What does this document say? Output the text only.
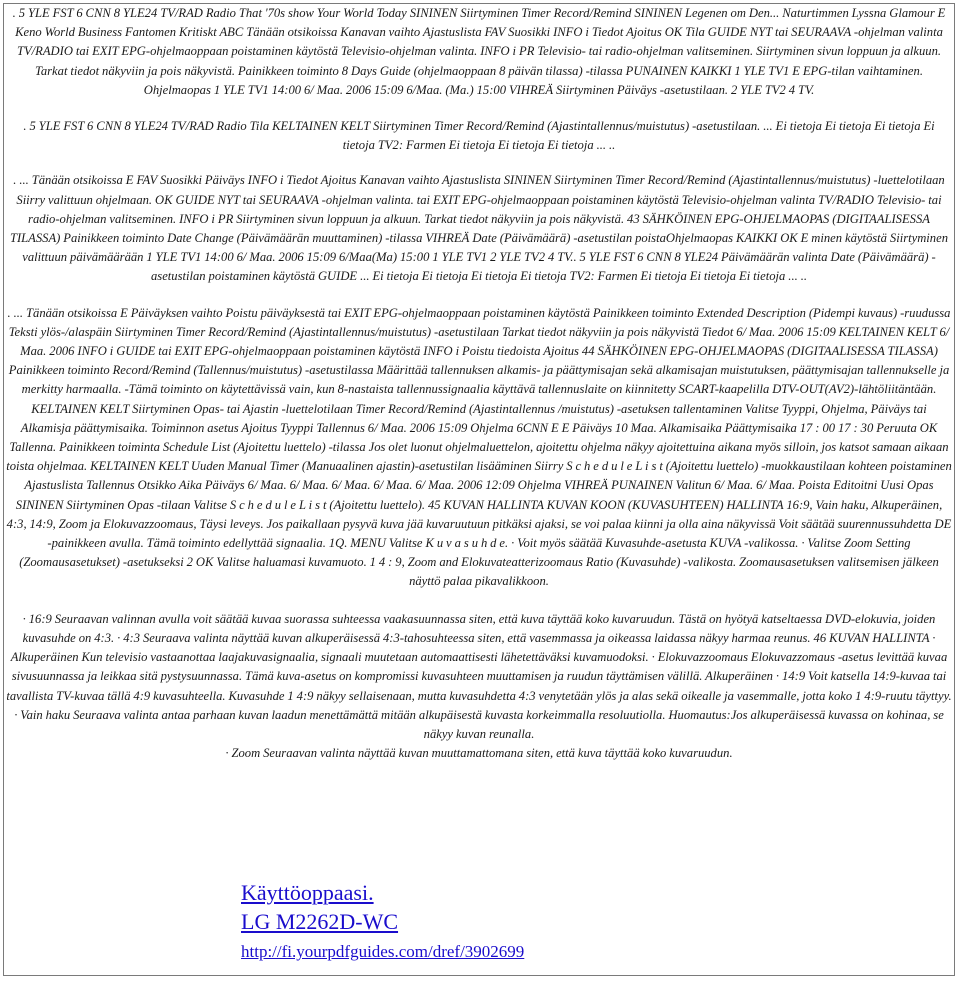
. 5 YLE FST 6 CNN 8 YLE24 TV/RAD Radio That '70s show Your World Today SININEN Siirtyminen Timer Record/Remind SININEN Legenen om Den... Naturtimmen Lyssna Glamour E Keno World Business Fantomen Kritiskt ABC Tänään otsikoissa Kanavan vaihto Ajastuslista FAV Suosikki INFO i Tiedot Ajoitus OK Tila GUIDE NYT tai SEURAAVA -ohjelman valinta TV/RADIO tai EXIT EPG-ohjelmaoppaan poistaminen käytöstä Televisio-ohjelman valinta. INFO i PR Televisio- tai radio-ohjelman valitseminen. Siirtyminen sivun loppuun ja alkuun. Tarkat tiedot näkyviin ja pois näkyvistä. Painikkeen toiminto 8 Days Guide (ohjelmaoppaan 8 päivän tilassa) -tilassa PUNAINEN KAIKKI 1 YLE TV1 E EPG-tilan vaihtaminen. Ohjelmaopas 1 YLE TV1 14:00 6/ Maa. 2006 15:09 6/Maa. (Ma.) 15:00 VIHREÄ Siirtyminen Päiväys -asetustilaan. 2 YLE TV2 4 TV.

. 5 YLE FST 6 CNN 8 YLE24 TV/RAD Radio Tila KELTAINEN KELT Siirtyminen Timer Record/Remind (Ajastintallennus/muistutus) -asetustilaan. ... Ei tietoja Ei tietoja Ei tietoja Ei tietoja TV2: Farmen Ei tietoja Ei tietoja Ei tietoja ... ..

. ... Tänään otsikoissa E FAV Suosikki Päiväys INFO i Tiedot Ajoitus Kanavan vaihto Ajastuslista SININEN Siirtyminen Timer Record/Remind (Ajastintallennus/muistutus) -luettelotilaan Siirry valittuun ohjelmaan. OK GUIDE NYT tai SEURAAVA -ohjelman valinta. tai EXIT EPG-ohjelmaoppaan poistaminen käytöstä Televisio-ohjelman valinta TV/RADIO Televisio- tai radio-ohjelman valitseminen. INFO i PR Siirtyminen sivun loppuun ja alkuun. Tarkat tiedot näkyviin ja pois näkyvistä. 43 SÄHKÖINEN EPG-OHJELMAOPAS (DIGITAALISESSA TILASSA) Painikkeen toiminto Date Change (Päivämäärän muuttaminen) -tilassa VIHREÄ Date (Päivämäärä) -asetustilan poistaOhjelmaopas KAIKKI OK E minen käytöstä Siirtyminen valittuun päivämäärään 1 YLE TV1 14:00 6/ Maa. 2006 15:09 6/Maa(Ma) 15:00 1 YLE TV1 2 YLE TV2 4 TV.. 5 YLE FST 6 CNN 8 YLE24 Päivämäärän valinta Date (Päivämäärä) -asetustilan poistaminen käytöstä GUIDE ... Ei tietoja Ei tietoja Ei tietoja Ei tietoja TV2: Farmen Ei tietoja Ei tietoja Ei tietoja ... ..

. ... Tänään otsikoissa E Päiväyksen vaihto Poistu päiväyksestä tai EXIT EPG-ohjelmaoppaan poistaminen käytöstä Painikkeen toiminto Extended Description (Pidempi kuvaus) -ruudussa Teksti ylös-/alaspäin Siirtyminen Timer Record/Remind (Ajastintallennus/muistutus) -asetustilaan Tarkat tiedot näkyviin ja pois näkyvistä Tiedot 6/ Maa. 2006 15:09 KELTAINEN KELT 6/ Maa. 2006 INFO i GUIDE tai EXIT EPG-ohjelmaoppaan poistaminen käytöstä INFO i Poistu tiedoista Ajoitus 44 SÄHKÖINEN EPG-OHJELMAOPAS (DIGITAALISESSA TILASSA) Painikkeen toiminto Record/Remind (Tallennus/muistutus) -asetustilassa Määrittää tallennuksen alkamis- ja päättymisajan sekä alkamisajan muistutuksen, päättymisajan tallennukselle ja merkitty harmaalla. -Tämä toiminto on käytettävissä vain, kun 8-nastaista tallennussignaalia käyttävä tallennuslaite on kiinnitetty SCART-kaapelilla DTV-OUT(AV2)-lähtöliitäntään. KELTAINEN KELT Siirtyminen Opas- tai Ajastin -luettelotilaan Timer Record/Remind (Ajastintallennus /muistutus) -asetuksen tallentaminen Valitse Tyyppi, Ohjelma, Päiväys tai Alkamisja päättymisaika. Toiminnon asetus Ajoitus Tyyppi Tallennus 6/ Maa. 2006 15:09 Ohjelma 6CNN E E Päiväys 10 Maa. Alkamisaika Päättymisaika 17 : 00 17 : 30 Peruuta OK Tallenna. Painikkeen toiminta Schedule List (Ajoitettu luettelo) -tilassa Jos olet luonut ohjelmaluettelon, ajoitettu ohjelma näkyy ajoitettuina aikana myös silloin, jos katsot samaan aikaan toista ohjelmaa. KELTAINEN KELT Uuden Manual Timer (Manuaalinen ajastin)-asetustilan lisääminen Siirry S c h e d u l e L i s t (Ajoitettu luettelo) -muokkaustilaan kohteen poistaminen Ajastuslista Tallennus Otsikko Aika Päiväys 6/ Maa. 6/ Maa. 6/ Maa. 6/ Maa. 6/ Maa. 2006 12:09 Ohjelma VIHREÄ PUNAINEN Valitun 6/ Maa. 6/ Maa. Poista Editoitni Uusi Opas SININEN Siirtyminen Opas -tilaan Valitse S c h e d u l e L i s t (Ajoitettu luettelo). 45 KUVAN HALLINTA KUVAN KOON (KUVASUHTEEN) HALLINTA 16:9, Vain haku, Alkuperäinen, 4:3, 14:9, Zoom ja Elokuvazzoomaus, Täysi leveys. Jos paikallaan pysyvä kuva jää kuvaruutuun pitkäksi ajaksi, se voi palaa kiinni ja olla aina näkyvissä Voit säätää suurennussuhdetta DE -painikkeen avulla. Tämä toiminto edellyttää signaalia. 1Q. MENU Valitse K u v a s u h d e. · Voit myös säätää Kuvasuhde-asetusta KUVA -valikossa. · Valitse Zoom Setting (Zoomausasetukset) -asetukseksi 2 OK Valitse haluamasi kuvamuoto. 1 4 : 9, Zoom and Elokuvateatterizoomaus Ratio (Kuvasuhde) -valikosta. Zoomausasetuksen valitsemisen jälkeen näyttö palaa pikavalikkoon.

· 16:9 Seuraavan valinnan avulla voit säätää kuvaa suorassa suhteessa vaakasuunnassa siten, että kuva täyttää koko kuvaruudun. Tästä on hyötyä katseltaessa DVD-elokuvia, joiden kuvasuhde on 4:3. · 4:3 Seuraava valinta näyttää kuvan alkuperäisessä 4:3-tahosuhteessa siten, että vasemmassa ja oikeassa laidassa näkyy harmaa reunus. 46 KUVAN HALLINTA · Alkuperäinen Kun televisio vastaanottaa laajakuvasignaalia, signaali muutetaan automaattisesti lähetettäväksi kuvamuodoksi. · Elokuvazzoomaus Elokuvazzomaus -asetus levittää kuvaa sivusuunnassa ja leikkaa sitä pystysuunnassa. Tämä kuva-asetus on kompromissi kuvasuhteen muuttamisen ja ruudun täyttämisen välillä. Alkuperäinen · 14:9 Voit katsella 14:9-kuvaa tai tavallista TV-kuvaa tällä 4:9 kuvasuhteella. Kuvasuhde 1 4:9 näkyy sellaisenaan, mutta kuvasuhdetta 4:3 venytetään ylös ja alas sekä oikealle ja vasemmalle, jotta koko 1 4:9-ruutu täyttyy. · Vain haku Seuraava valinta antaa parhaan kuvan laadun menettämättä mitään alkupäisestä kuvasta korkeimmalla resoluutiolla. Huomautus:Jos alkuperäisessä kuvassa on kohinaa, se näkyy kuvan reunalla.

· Zoom Seuraavan valinta näyttää kuvan muuttamattomana siten, että kuva täyttää koko kuvaruudun.

Käyttöoppaasi.
LG M2262D-WC
http://fi.yourpdfguides.com/dref/3902699
